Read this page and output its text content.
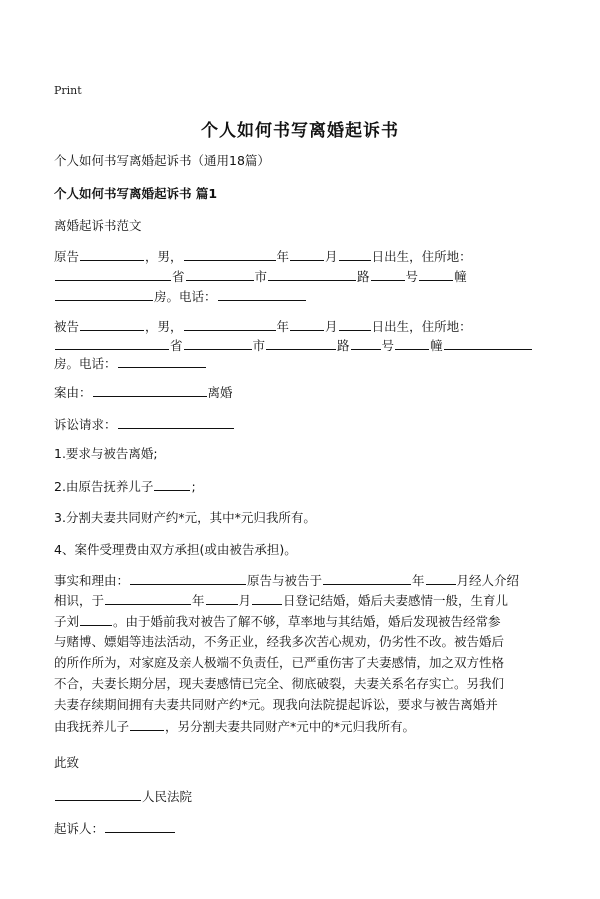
Print
个人如何书写离婚起诉书
个人如何书写离婚起诉书（通用18篇）
个人如何书写离婚起诉书 篇1
离婚起诉书范文
原告	，男，	年	月	日出生，住所地：
省	市	路	号	幢
房。电话：
被告	，男，	年	月	日出生，住所地：
省	市	路	号	幢
房。电话：
案由：	离婚
诉讼请求：
1.要求与被告离婚;
2.由原告抚养儿子	;
3.分割夫妻共同财产约*元，其中*元归我所有。
4、案件受理费由双方承担(或由被告承担)。
事实和理由：	原告与被告于	年	月经人介绍
相识，于	年	月	日登记结婚，婚后夫妻感情一般，生育儿
子刘	。由于婚前我对被告了解不够，草率地与其结婚，婚后发现被告经常参
与赌博、嫖娼等违法活动，不务正业，经我多次苦心规劝，仍劣性不改。被告婚后
的所作所为，对家庭及亲人极端不负责任，已严重伤害了夫妻感情，加之双方性格
不合，夫妻长期分居，现夫妻感情已完全、彻底破裂，夫妻关系名存实亡。另我们
夫妻存续期间拥有夫妻共同财产约*元。现我向法院提起诉讼，要求与被告离婚并
由我抚养儿子	，另分割夫妻共同财产*元中的*元归我所有。
此致
人民法院
起诉人：
